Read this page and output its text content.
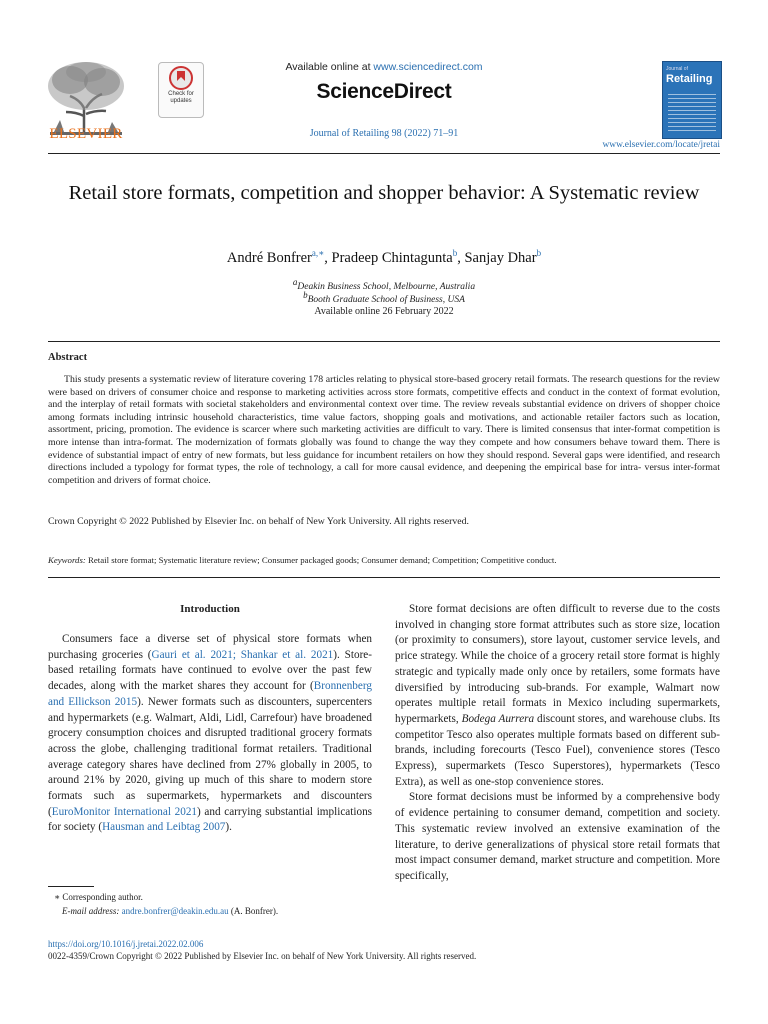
ELSEVIER
Check for updates
Available online at www.sciencedirect.com
ScienceDirect
Journal of Retailing 98 (2022) 71–91
Journal of
Retailing
www.elsevier.com/locate/jretai
Retail store formats, competition and shopper behavior: A Systematic review
André Bonfrer$^{a,∗}$, Pradeep Chintagunta$^b$, Sanjay Dhar$^b$
$^a$Deakin Business School, Melbourne, Australia
$^b$Booth Graduate School of Business, USA
Available online 26 February 2022
Abstract
This study presents a systematic review of literature covering 178 articles relating to physical store-based grocery retail formats. The research questions for the review were based on drivers of consumer choice and response to marketing activities across store formats, competitive effects and conduct in the context of format evolution, and the interplay of retail formats with societal stakeholders and environmental context over time. The review reveals substantial evidence on drivers of shopper choice among formats including intrinsic household characteristics, time value factors, shopping goals and motivations, and actionable retailer factors such as location, assortment, pricing, promotion. The evidence is scarcer where such marketing activities are difficult to vary. There is limited consensus that inter-format competition is more intense than intra-format. The modernization of formats globally was found to change the way they compete and how consumers behave toward them. There is evidence of substantial impact of entry of new formats, but less guidance for incumbent retailers on how they should respond. Several gaps were identified, and research directions included a typology for format types, the role of technology, a call for more causal evidence, and deepening the empirical base for intra- versus inter-format competition and drivers of format choice.
Crown Copyright © 2022 Published by Elsevier Inc. on behalf of New York University. All rights reserved.
Keywords: Retail store format; Systematic literature review; Consumer packaged goods; Consumer demand; Competition; Competitive conduct.
Introduction

Consumers face a diverse set of physical store formats when purchasing groceries (Gauri et al. 2021; Shankar et al. 2021). Store-based retailing formats have continued to evolve over the past few decades, along with the market shares they account for (Bronnenberg and Ellickson 2015). Newer formats such as discounters, supercenters and hypermarkets (e.g. Walmart, Aldi, Lidl, Carrefour) have broadened grocery consumption choices and disrupted traditional grocery formats across the globe, challenging traditional format retailers. Traditional average category shares have declined from 27% globally in 2005, to around 21% by 2020, giving up much of this share to modern store formats such as supermarkets, hypermarkets and discounters (EuroMonitor International 2021) and carrying substantial implications for society (Hausman and Leibtag 2007).

Store format decisions are often difficult to reverse due to the costs involved in changing store format attributes such as store size, location (or proximity to consumers), store layout, customer service levels, and price strategy. While the choice of a grocery retail store format is highly strategic and typically made only once by retailers, some formats have diversified by introducing sub-brands. For example, Walmart now operates multiple retail formats in Mexico including supermarkets, hypermarkets, Bodega Aurrera discount stores, and warehouse clubs. Its competitor Tesco also operates multiple formats based on different sub-brands, including forecourts (Tesco Fuel), convenience stores (Tesco Express), supermarkets (Tesco Superstores), hypermarkets (Tesco Extra), as well as one-stop convenience stores.

Store format decisions must be informed by a comprehensive body of evidence pertaining to consumer demand, competition and society. This systematic review involved an extensive examination of the literature, to derive generalizations of physical store retail formats that most impact consumer demand, market structure and competition. More specifically,

∗ Corresponding author.
E-mail address: andre.bonfrer@deakin.edu.au (A. Bonfrer).
https://doi.org/10.1016/j.jretai.2022.02.006
0022-4359/Crown Copyright © 2022 Published by Elsevier Inc. on behalf of New York University. All rights reserved.
